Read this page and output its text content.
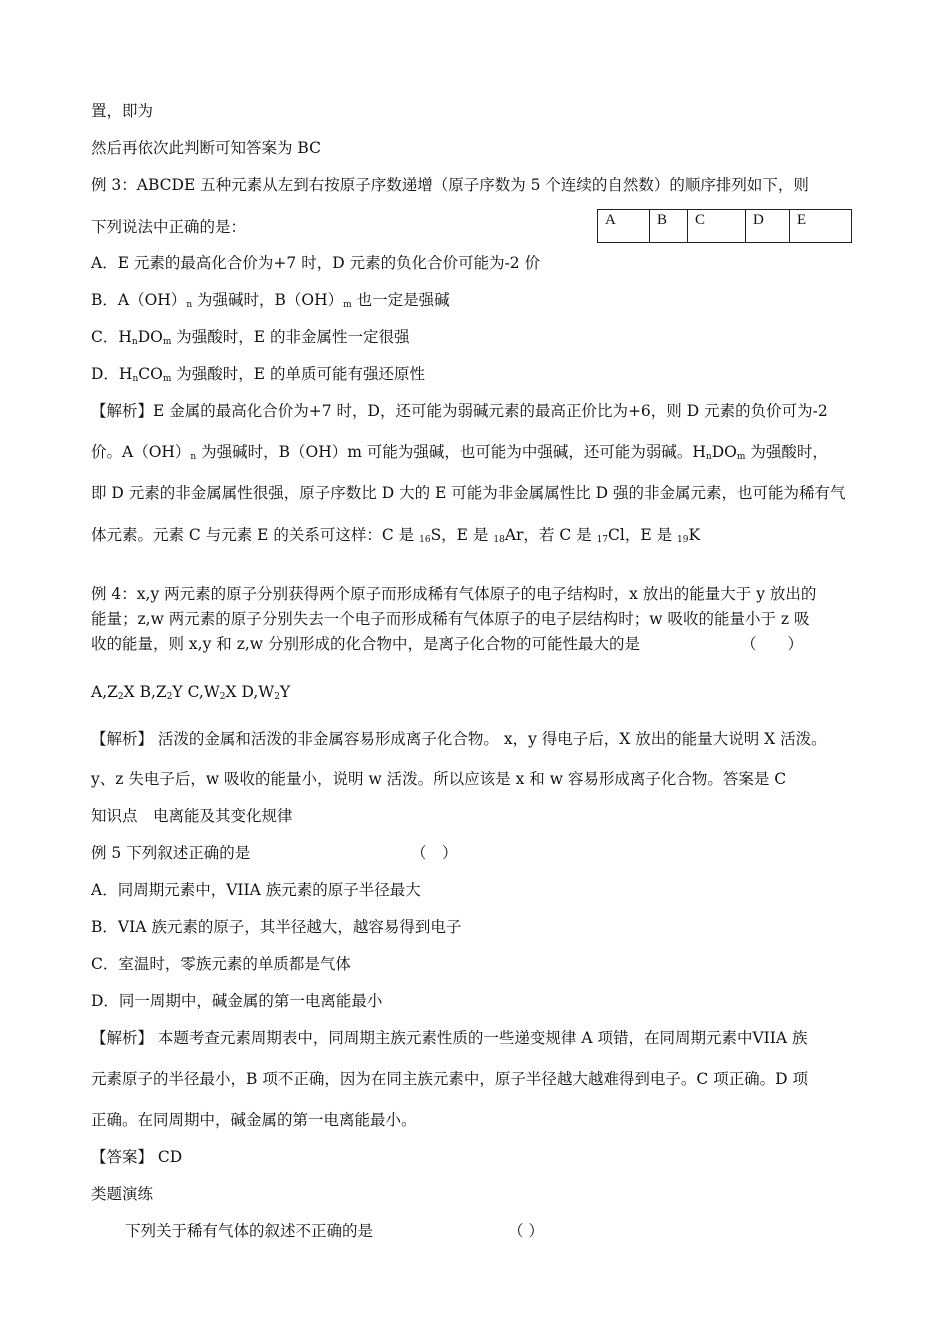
置，即为
然后再依次此判断可知答案为 BC
例 3：ABCDE 五种元素从左到右按原子序数递增（原子序数为 5 个连续的自然数）的顺序排列如下，则
下列说法中正确的是：	A	B	C	D	E
A．E 元素的最高化合价为+7 时，D 元素的负化合价可能为-2 价
B．$A(OH)_n$ 为强碱时，$B(OH)_m$ 也一定是强碱
C．$H_nDO_m$ 为强酸时，E 的非金属性一定很强
D．$H_nCO_m$ 为强酸时，E 的单质可能有强还原性
【解析】E 金属的最高化合价为+7 时，D，还可能为弱碱元素的最高正价比为+6，则 D 元素的负价可为-2
价。$A(OH)_n$ 为强碱时，B（OH）m 可能为强碱，也可能为中强碱，还可能为弱碱。$H_nDO_m$ 为强酸时，
即 D 元素的非金属属性很强，原子序数比 D 大的 E 可能为非金属属性比 D 强的非金属元素，也可能为稀有气
体元素。元素 C 与元素 E 的关系可这样：C 是 $_{16}$S，E 是 $_{18}$Ar，若 C 是 $_{17}$Cl，E 是 $_{19}$K
例 4：x,y 两元素的原子分别获得两个原子而形成稀有气体原子的电子结构时，x 放出的能量大于 y 放出的
能量；z,w 两元素的原子分别失去一个电子而形成稀有气体原子的电子层结构时；w 吸收的能量小于 z 吸
收的能量，则 x,y 和 z,w 分别形成的化合物中，是离子化合物的可能性最大的是	（　　）
$A,Z_2X$ $B,Z_2Y$ $C,W_2X$ $D,W_2Y$
【解析】 活泼的金属和活泼的非金属容易形成离子化合物。 x，y 得电子后，X 放出的能量大说明 X 活泼。
y、z 失电子后，w 吸收的能量小，说明 w 活泼。所以应该是 x 和 w 容易形成离子化合物。答案是 C
知识点　电离能及其变化规律
例 5 下列叙述正确的是	（　）
A．同周期元素中，VIIA 族元素的原子半径最大
B．VIA 族元素的原子，其半径越大，越容易得到电子
C．室温时，零族元素的单质都是气体
D．同一周期中，碱金属的第一电离能最小
【解析】 本题考查元素周期表中，同周期主族元素性质的一些递变规律 A 项错，在同周期元素中VIIA 族
元素原子的半径最小，B 项不正确，因为在同主族元素中，原子半径越大越难得到电子。C 项正确。D 项
正确。在同周期中，碱金属的第一电离能最小。
【答案】 CD
类题演练
下列关于稀有气体的叙述不正确的是	（ ）
